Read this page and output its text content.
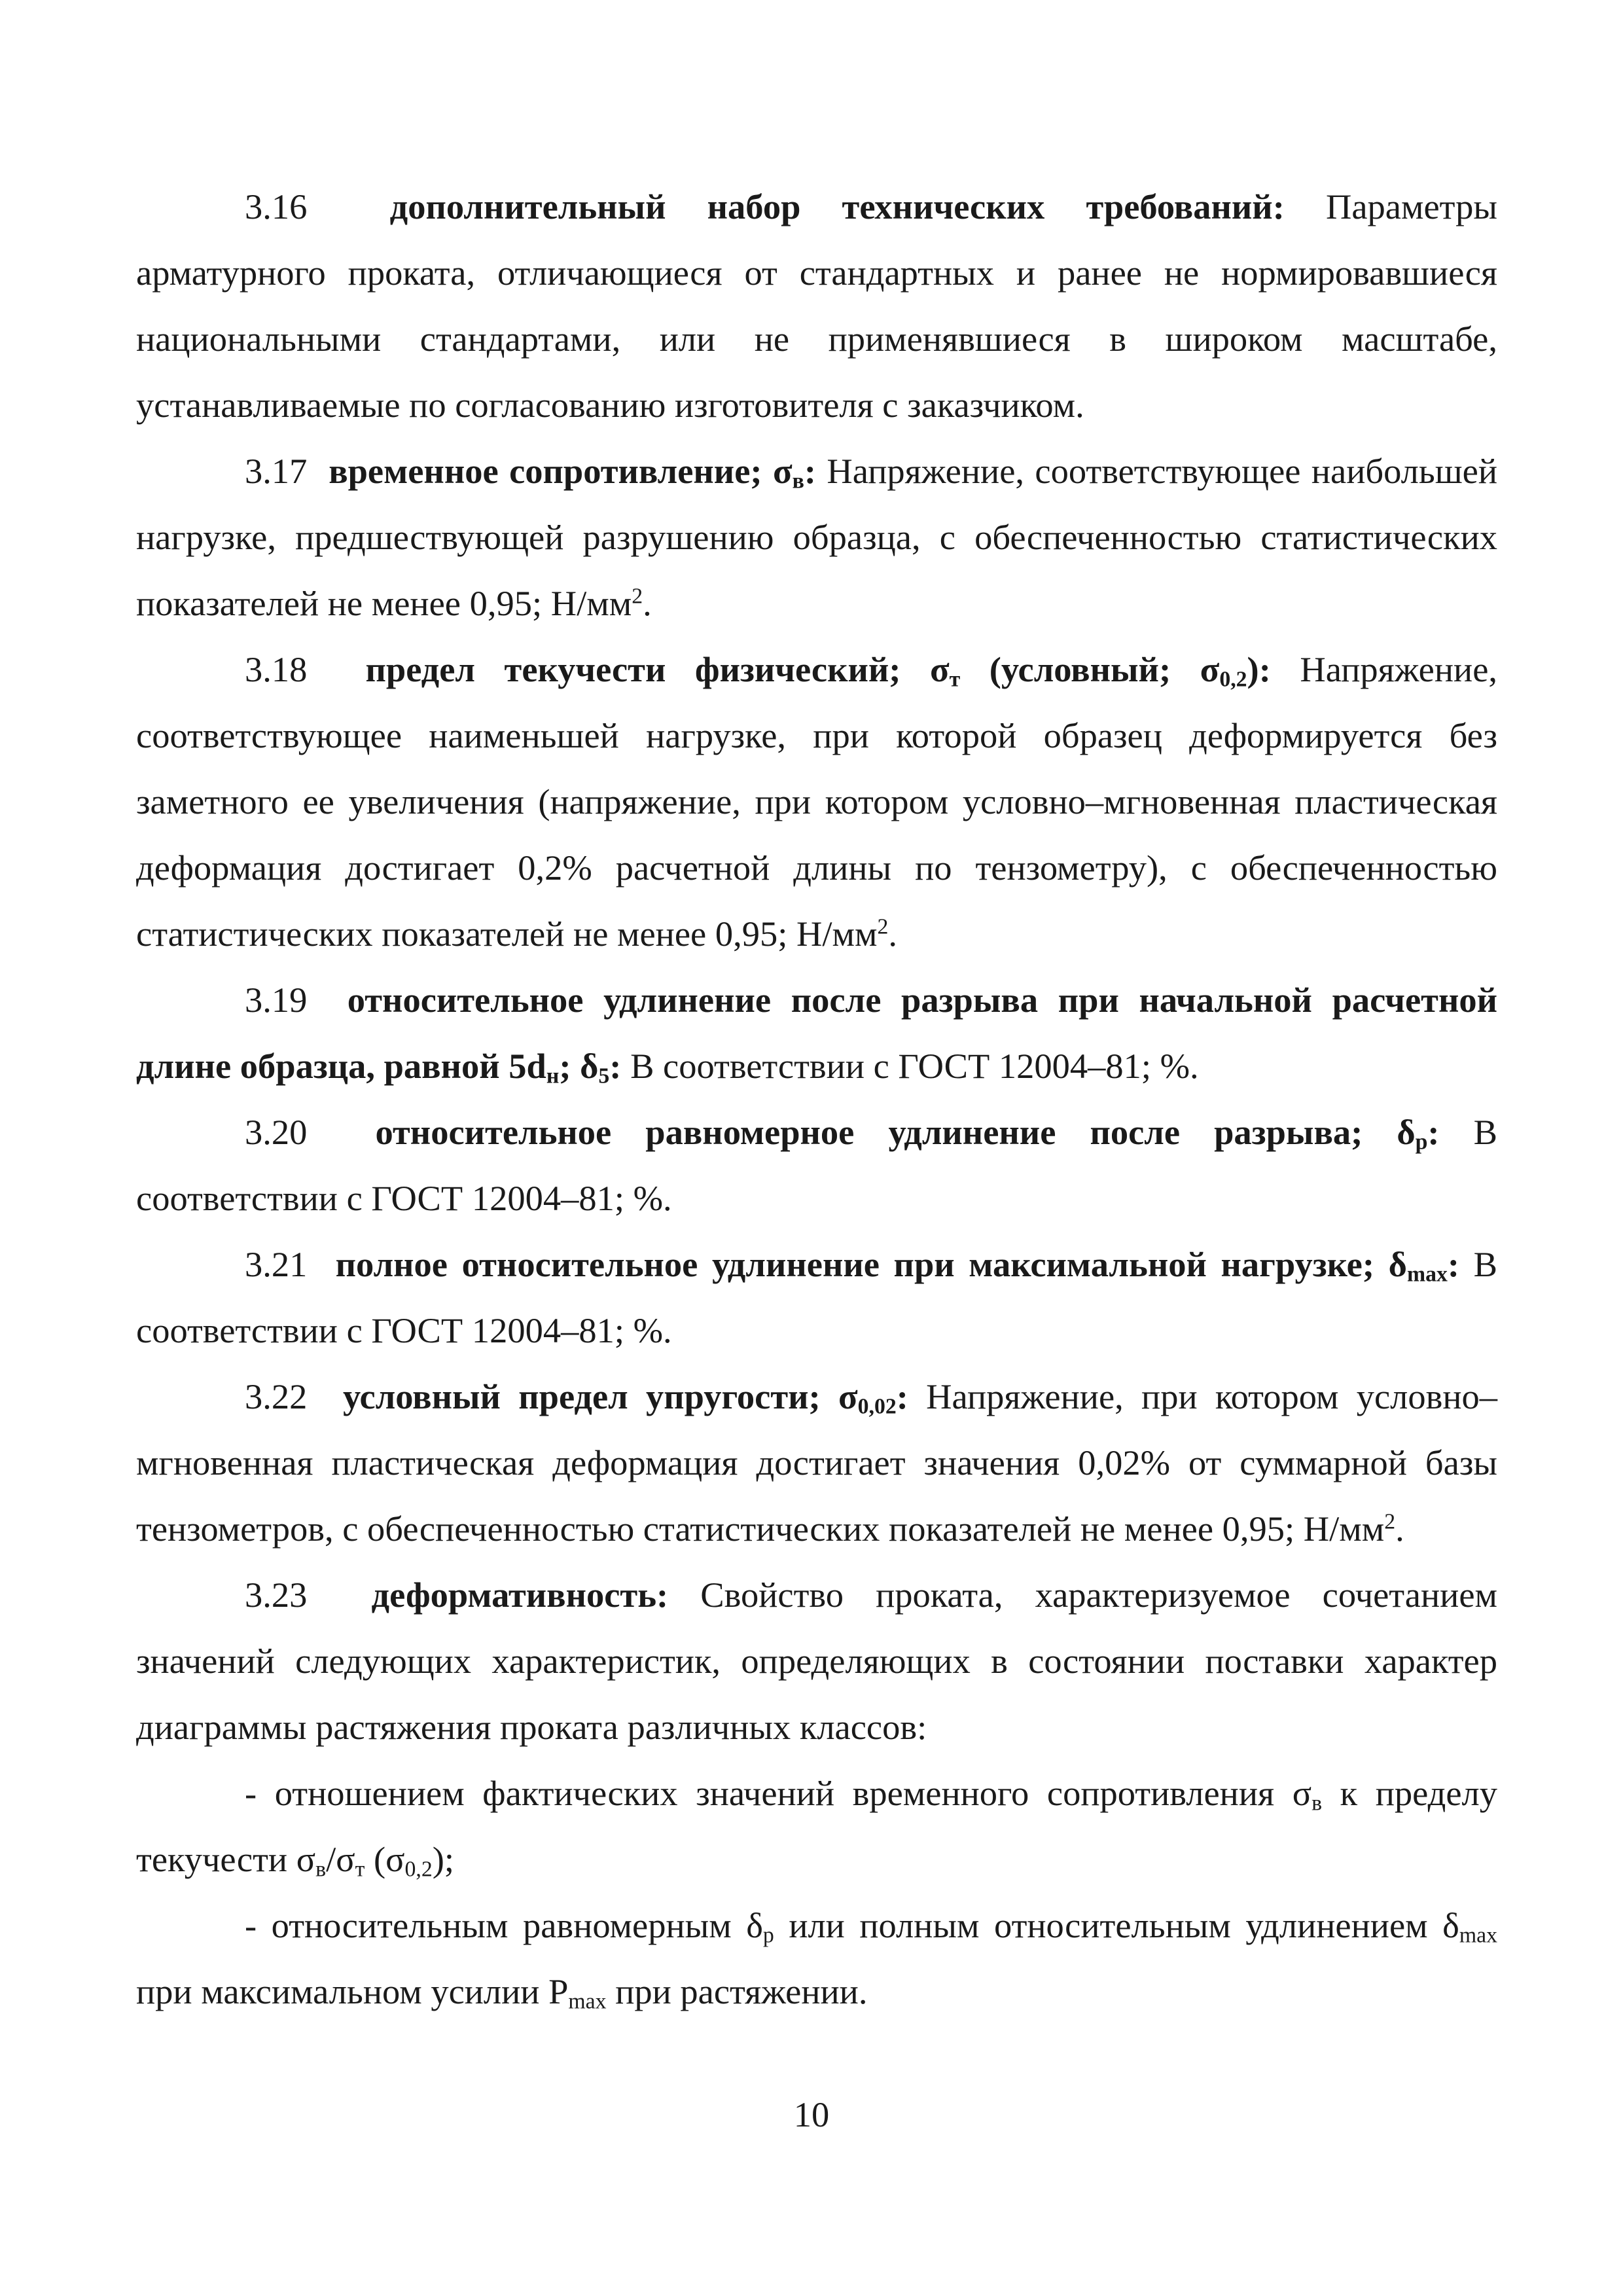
3.16 дополнительный набор технических требований: Параметры арматурного проката, отличающиеся от стандартных и ранее не нормировавшиеся национальными стандартами, или не применявшиеся в широком масштабе, устанавливаемые по согласованию изготовителя с заказчиком.

3.17 временное сопротивление; $\sigma_в$: Напряжение, соответствующее наибольшей нагрузке, предшествующей разрушению образца, с обеспеченностью статистических показателей не менее 0,95; $Н/мм^2$.

3.18 предел текучести физический; $\sigma_т$ (условный; $\sigma_{0,2}$): Напряжение, соответствующее наименьшей нагрузке, при которой образец деформируется без заметного ее увеличения (напряжение, при котором условно–мгновенная пластическая деформация достигает 0,2% расчетной длины по тензометру), с обеспеченностью статистических показателей не менее 0,95; $Н/мм^2$.

3.19 относительное удлинение после разрыва при начальной расчетной длине образца, равной $5d_н$; $\delta_5$: В соответствии с ГОСТ 12004–81; %.

3.20 относительное равномерное удлинение после разрыва; $\delta_р$: В соответствии с ГОСТ 12004–81; %.

3.21 полное относительное удлинение при максимальной нагрузке; $\delta_{max}$: В соответствии с ГОСТ 12004–81; %.

3.22 условный предел упругости; $\sigma_{0,02}$: Напряжение, при котором условно–мгновенная пластическая деформация достигает значения 0,02% от суммарной базы тензометров, с обеспеченностью статистических показателей не менее 0,95; $Н/мм^2$.

3.23 деформативность: Свойство проката, характеризуемое сочетанием значений следующих характеристик, определяющих в состоянии поставки характер диаграммы растяжения проката различных классов:

- отношением фактических значений временного сопротивления $\sigma_в$ к пределу текучести $\sigma_в/\sigma_т$ $(\sigma_{0,2})$;

- относительным равномерным $\delta_р$ или полным относительным удлинением $\delta_{max}$ при максимальном усилии $P_{max}$ при растяжении.

10
